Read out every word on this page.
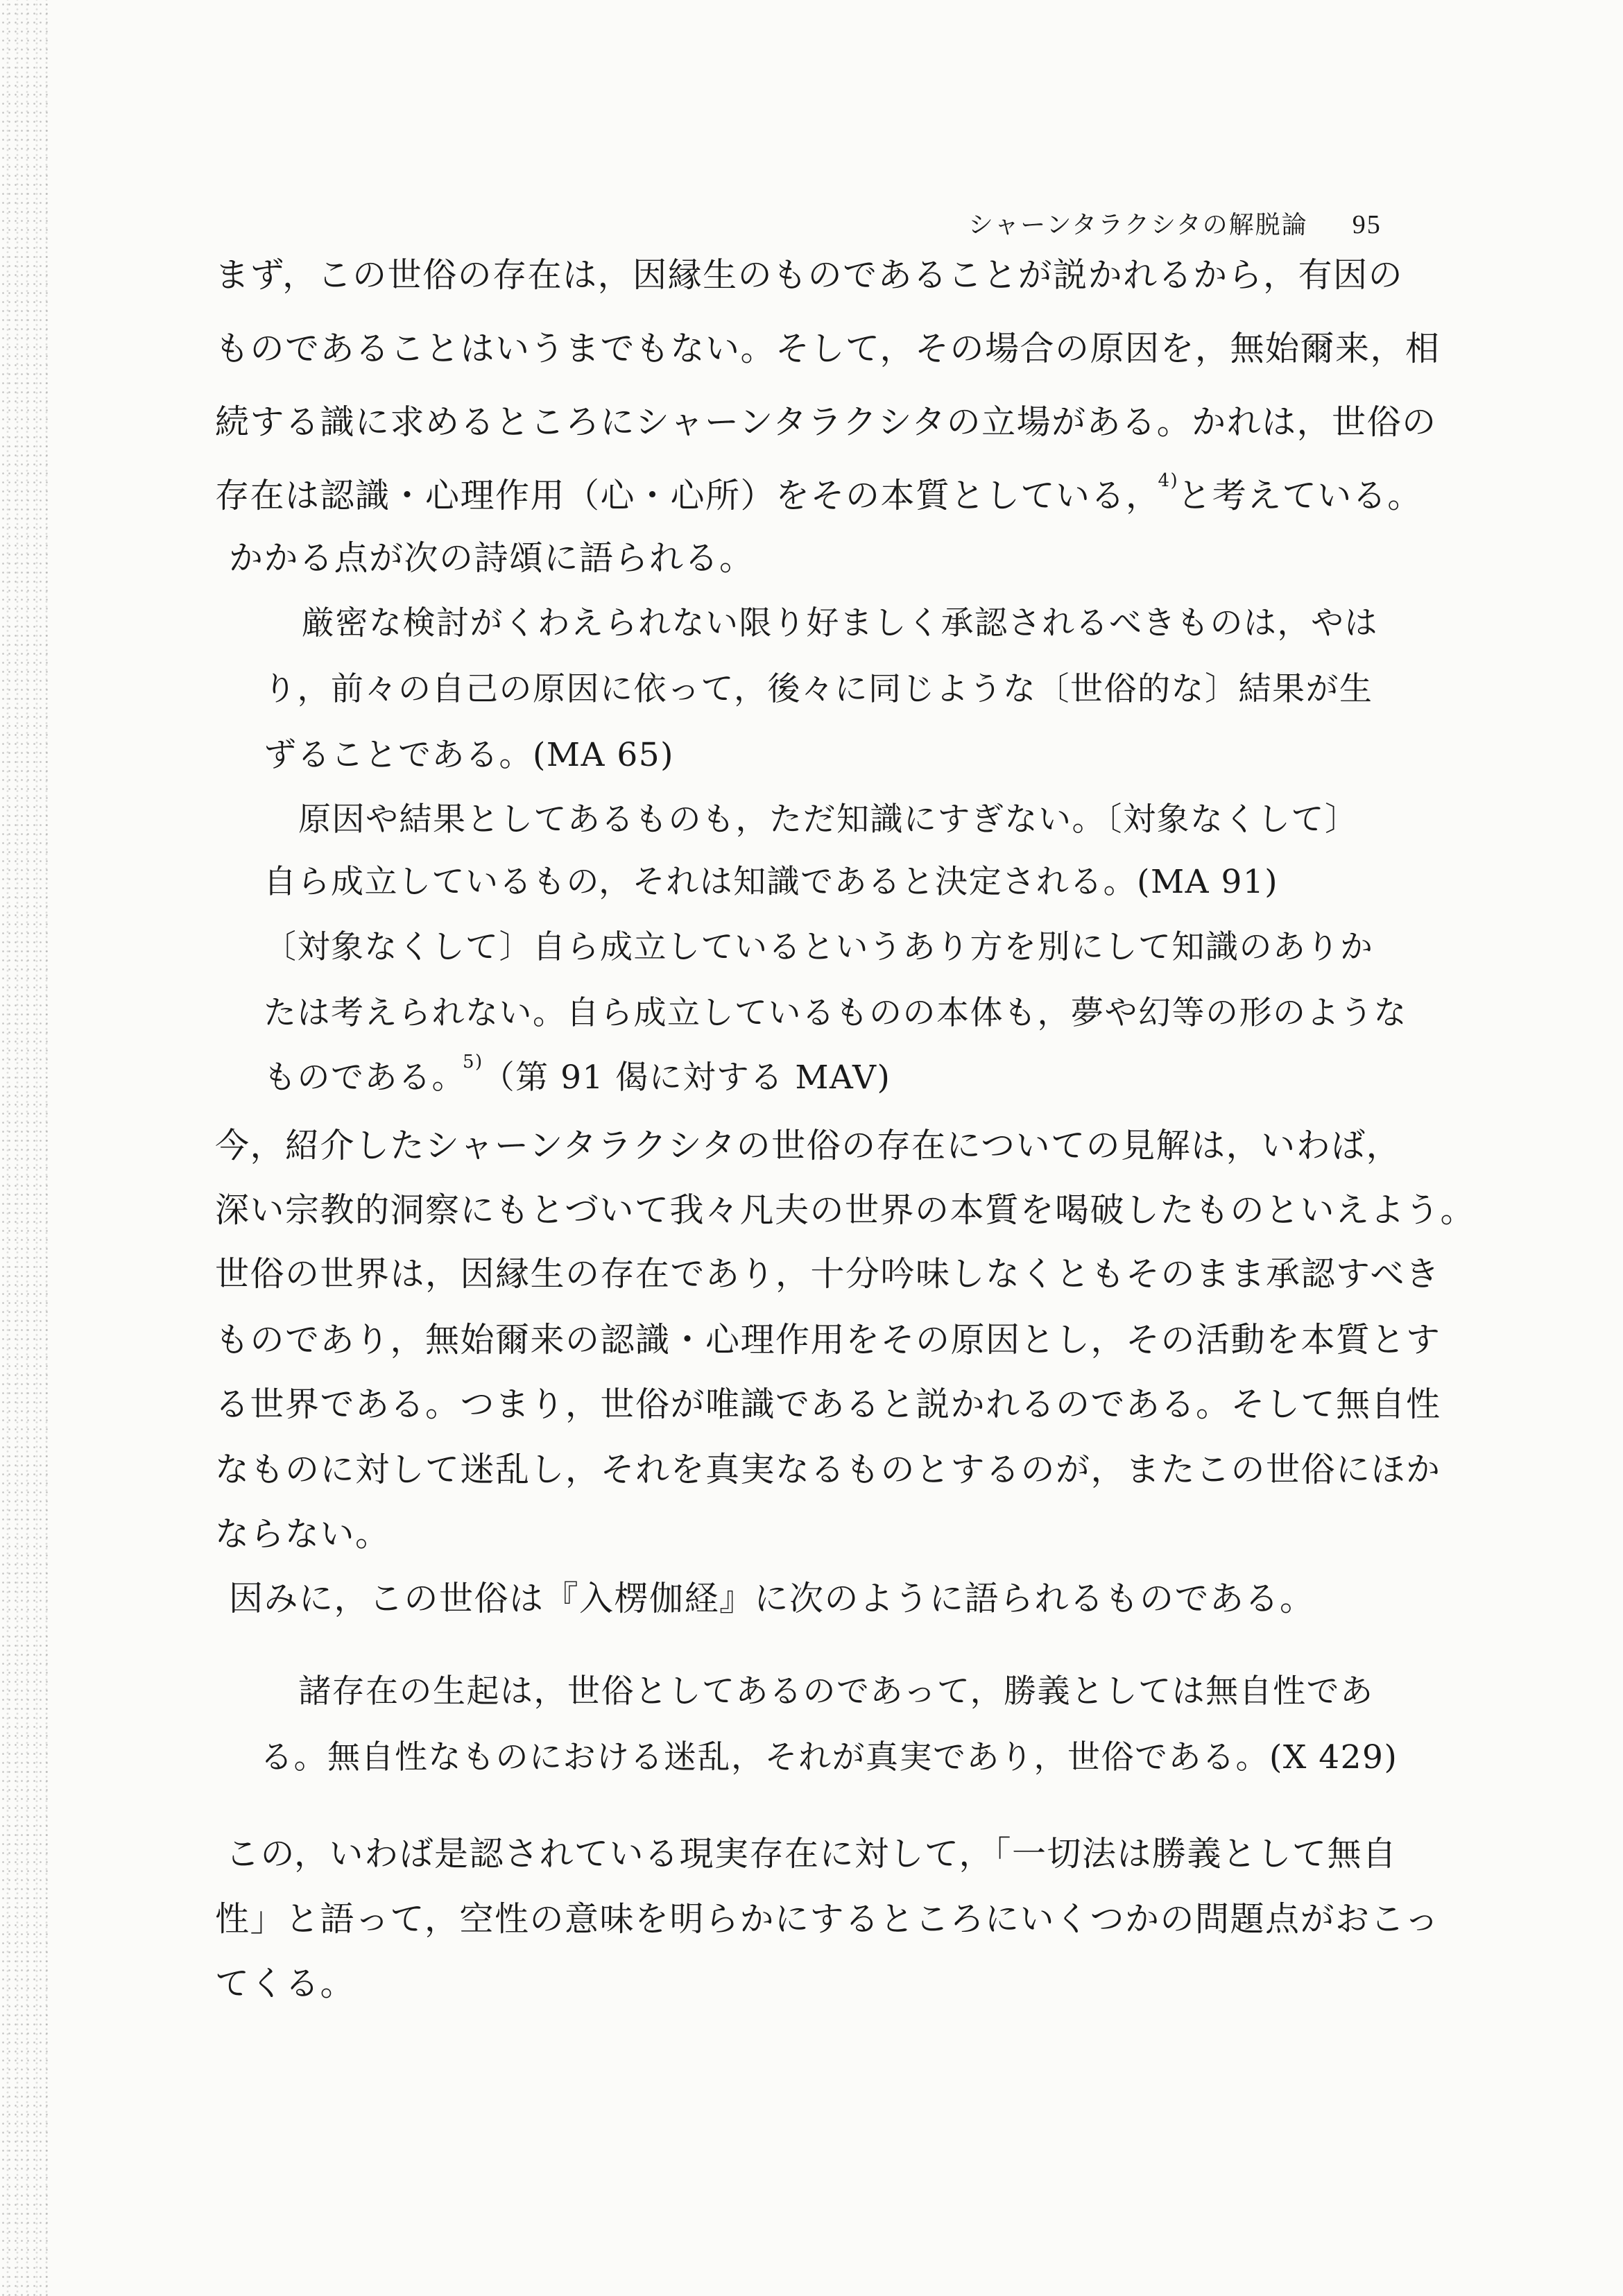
シャーンタラクシタの解脱論 95
まず，この世俗の存在は，因縁生のものであることが説かれるから，有因の
ものであることはいうまでもない。そして，その場合の原因を，無始爾来，相
続する識に求めるところにシャーンタラクシタの立場がある。かれは，世俗の
存在は認識・心理作用（心・心所）をその本質としている，$^{4)}$と考えている。
かかる点が次の詩頌に語られる。
厳密な検討がくわえられない限り好ましく承認されるべきものは，やは
り，前々の自己の原因に依って，後々に同じような〔世俗的な〕結果が生
ずることである。(MA 65)
原因や結果としてあるものも，ただ知識にすぎない。〔対象なくして〕
自ら成立しているもの，それは知識であると決定される。(MA 91)
〔対象なくして〕自ら成立しているというあり方を別にして知識のありか
たは考えられない。自ら成立しているものの本体も，夢や幻等の形のような
ものである。$^{5)}$（第 91 偈に対する MAV)
今，紹介したシャーンタラクシタの世俗の存在についての見解は，いわば，
深い宗教的洞察にもとづいて我々凡夫の世界の本質を喝破したものといえよう。
世俗の世界は，因縁生の存在であり，十分吟味しなくともそのまま承認すべき
ものであり，無始爾来の認識・心理作用をその原因とし，その活動を本質とす
る世界である。つまり，世俗が唯識であると説かれるのである。そして無自性
なものに対して迷乱し，それを真実なるものとするのが，またこの世俗にほか
ならない。
因みに，この世俗は『入楞伽経』に次のように語られるものである。
諸存在の生起は，世俗としてあるのであって，勝義としては無自性であ
る。無自性なものにおける迷乱，それが真実であり，世俗である。(X 429)
この，いわば是認されている現実存在に対して，「一切法は勝義として無自
性」と語って，空性の意味を明らかにするところにいくつかの問題点がおこっ
てくる。
